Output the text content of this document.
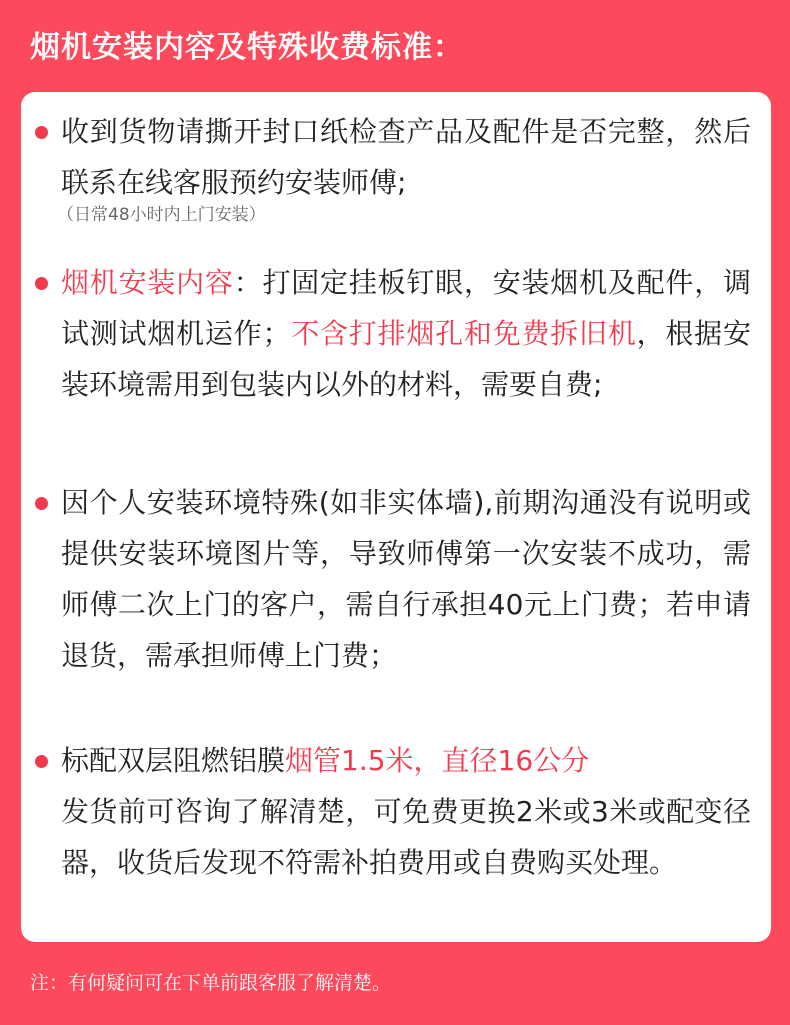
烟机安装内容及特殊收费标准：
收到货物请撕开封口纸检查产品及配件是否完整，然后联系在线客服预约安装师傅;
（日常48小时内上门安装）
烟机安装内容：打固定挂板钉眼，安装烟机及配件，调试测试烟机运作；不含打排烟孔和免费拆旧机，根据安装环境需用到包装内以外的材料，需要自费;
因个人安装环境特殊(如非实体墙),前期沟通没有说明或提供安装环境图片等，导致师傅第一次安装不成功，需师傅二次上门的客户，需自行承担40元上门费；若申请退货，需承担师傅上门费；
标配双层阻燃铝膜烟管1.5米，直径16公分
发货前可咨询了解清楚，可免费更换2米或3米或配变径器，收货后发现不符需补拍费用或自费购买处理。
注：有何疑问可在下单前跟客服了解清楚。
